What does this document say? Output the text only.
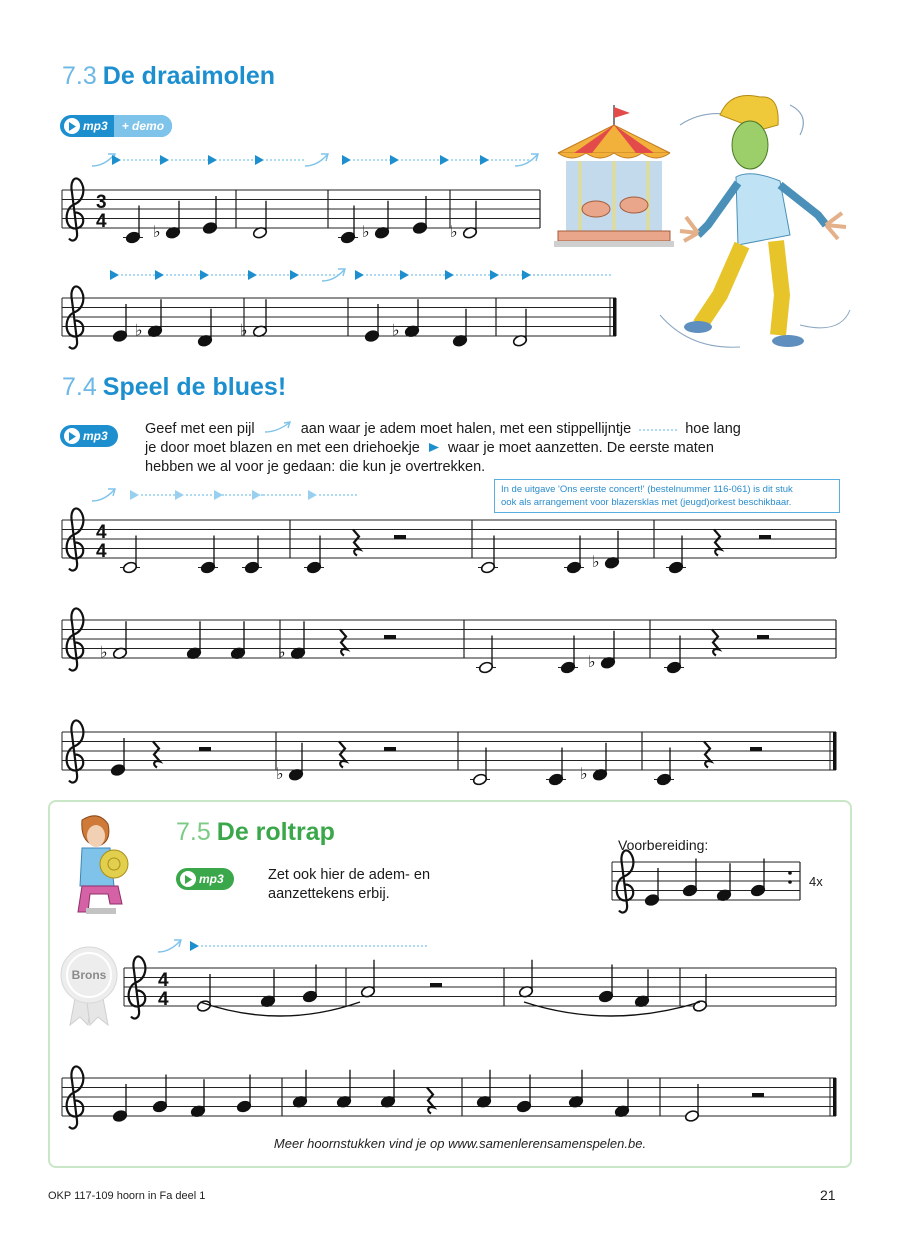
7.3 De draaimolen
mp3	+ demo
7.4 Speel de blues!
mp3	Geef met een pijl	aan waar je adem moet halen, met een stippellijntje	hoe lang
je door moet blazen en met een driehoekje waar je moet aanzetten. De eerste maten
hebben we al voor je gedaan: die kun je overtrekken.
In de uitgave 'Ons eerste concert!' (bestelnummer 116-061) is dit stuk
ook als arrangement voor blazersklas met (jeugd)orkest beschikbaar.
7.5 De roltrap
mp3	Zet ook hier de adem- en
aanzettekens erbij.
Voorbereiding:
4x
Meer hoornstukken vind je op www.samenlerensamenspelen.be.
Brons
OKP 117-109 hoorn in Fa deel 1	21
3
4
♭	♭	♭
♭	♭	♭
4
4
♭
♭	♭
♭
♭	♭
4
4
